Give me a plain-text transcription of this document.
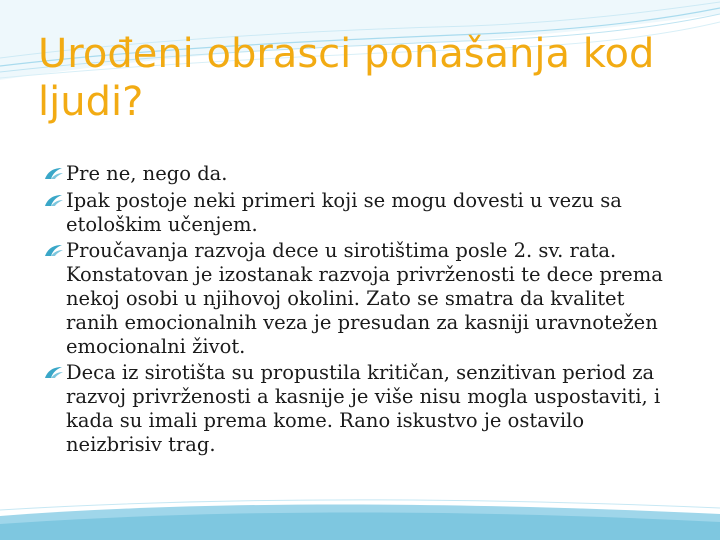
Urođeni obrasci ponašanja kod ljudi?
Pre ne, nego da.
Ipak postoje neki primeri koji se mogu dovesti u vezu sa etološkim učenjem.
Proučavanja razvoja dece u sirotištima posle 2. sv. rata. Konstatovan je izostanak razvoja privrženosti te dece prema nekoj osobi u njihovoj okolini. Zato se smatra da kvalitet ranih emocionalnih veza je presudan za kasniji uravnotežen emocionalni život.
Deca iz sirotišta su propustila kritičan, senzitivan period za razvoj privrženosti a kasnije je više nisu mogla uspostaviti, i kada su imali prema kome. Rano iskustvo je ostavilo neizbrisiv trag.
